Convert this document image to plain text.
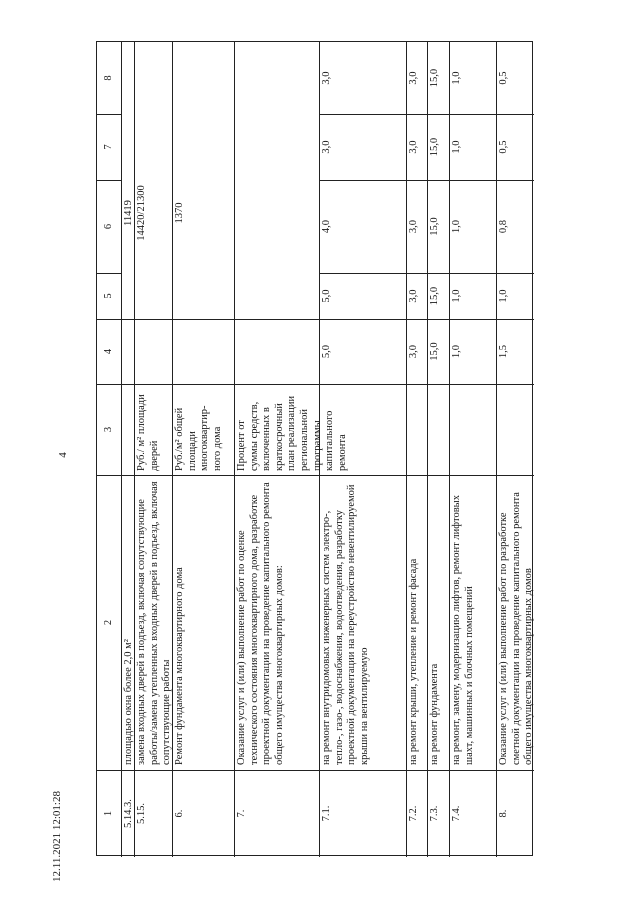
4
12.11.2021 12:01:28	1
2
3
4
5
6
7
8
5.14.3.
площадью окна более 2,0 м²
11419
5.15.
замена входных дверей в подъезд, включая сопутствующие работы/замена утепленных входных дверей в подъезд, включая сопутствующие работы
Руб./ м² площади дверей
14420/21300
6.
Ремонт фундамента многоквартирного дома
Руб./м² общей площади многоквартир-ного дома
1370
7.
Оказание услуг и (или) выполнение работ по оценке технического состояния многоквартирного дома, разработке проектной документации на проведение капитального ремонта общего имущества многоквартирных домов:
Процент от суммы средств, включенных в краткосрочный план реализации региональной программы капитального ремонта
7.1.
на ремонт внутридомовых инженерных систем электро-, тепло-, газо-, водоснабжения, водоотведения, разработку проектной документации на переустройство невентилируемой крыши на вентилируемую
5,0
5,0
4,0
3,0
3,0
7.2.
на ремонт крыши, утепление и ремонт фасада
3,0
3,0
3,0
3,0
3,0
7.3.
на ремонт фундамента
15,0
15,0
15,0
15,0
15,0
7.4.
на ремонт, замену, модернизацию лифтов, ремонт лифтовых шахт, машинных и блочных помещений
1,0
1,0
1,0
1,0
1,0
8.
Оказание услуг и (или) выполнение работ по разработке сметной документации на проведение капитального ремонта общего имущества многоквартирных домов
1,5
1,0
0,8
0,5
0,5
